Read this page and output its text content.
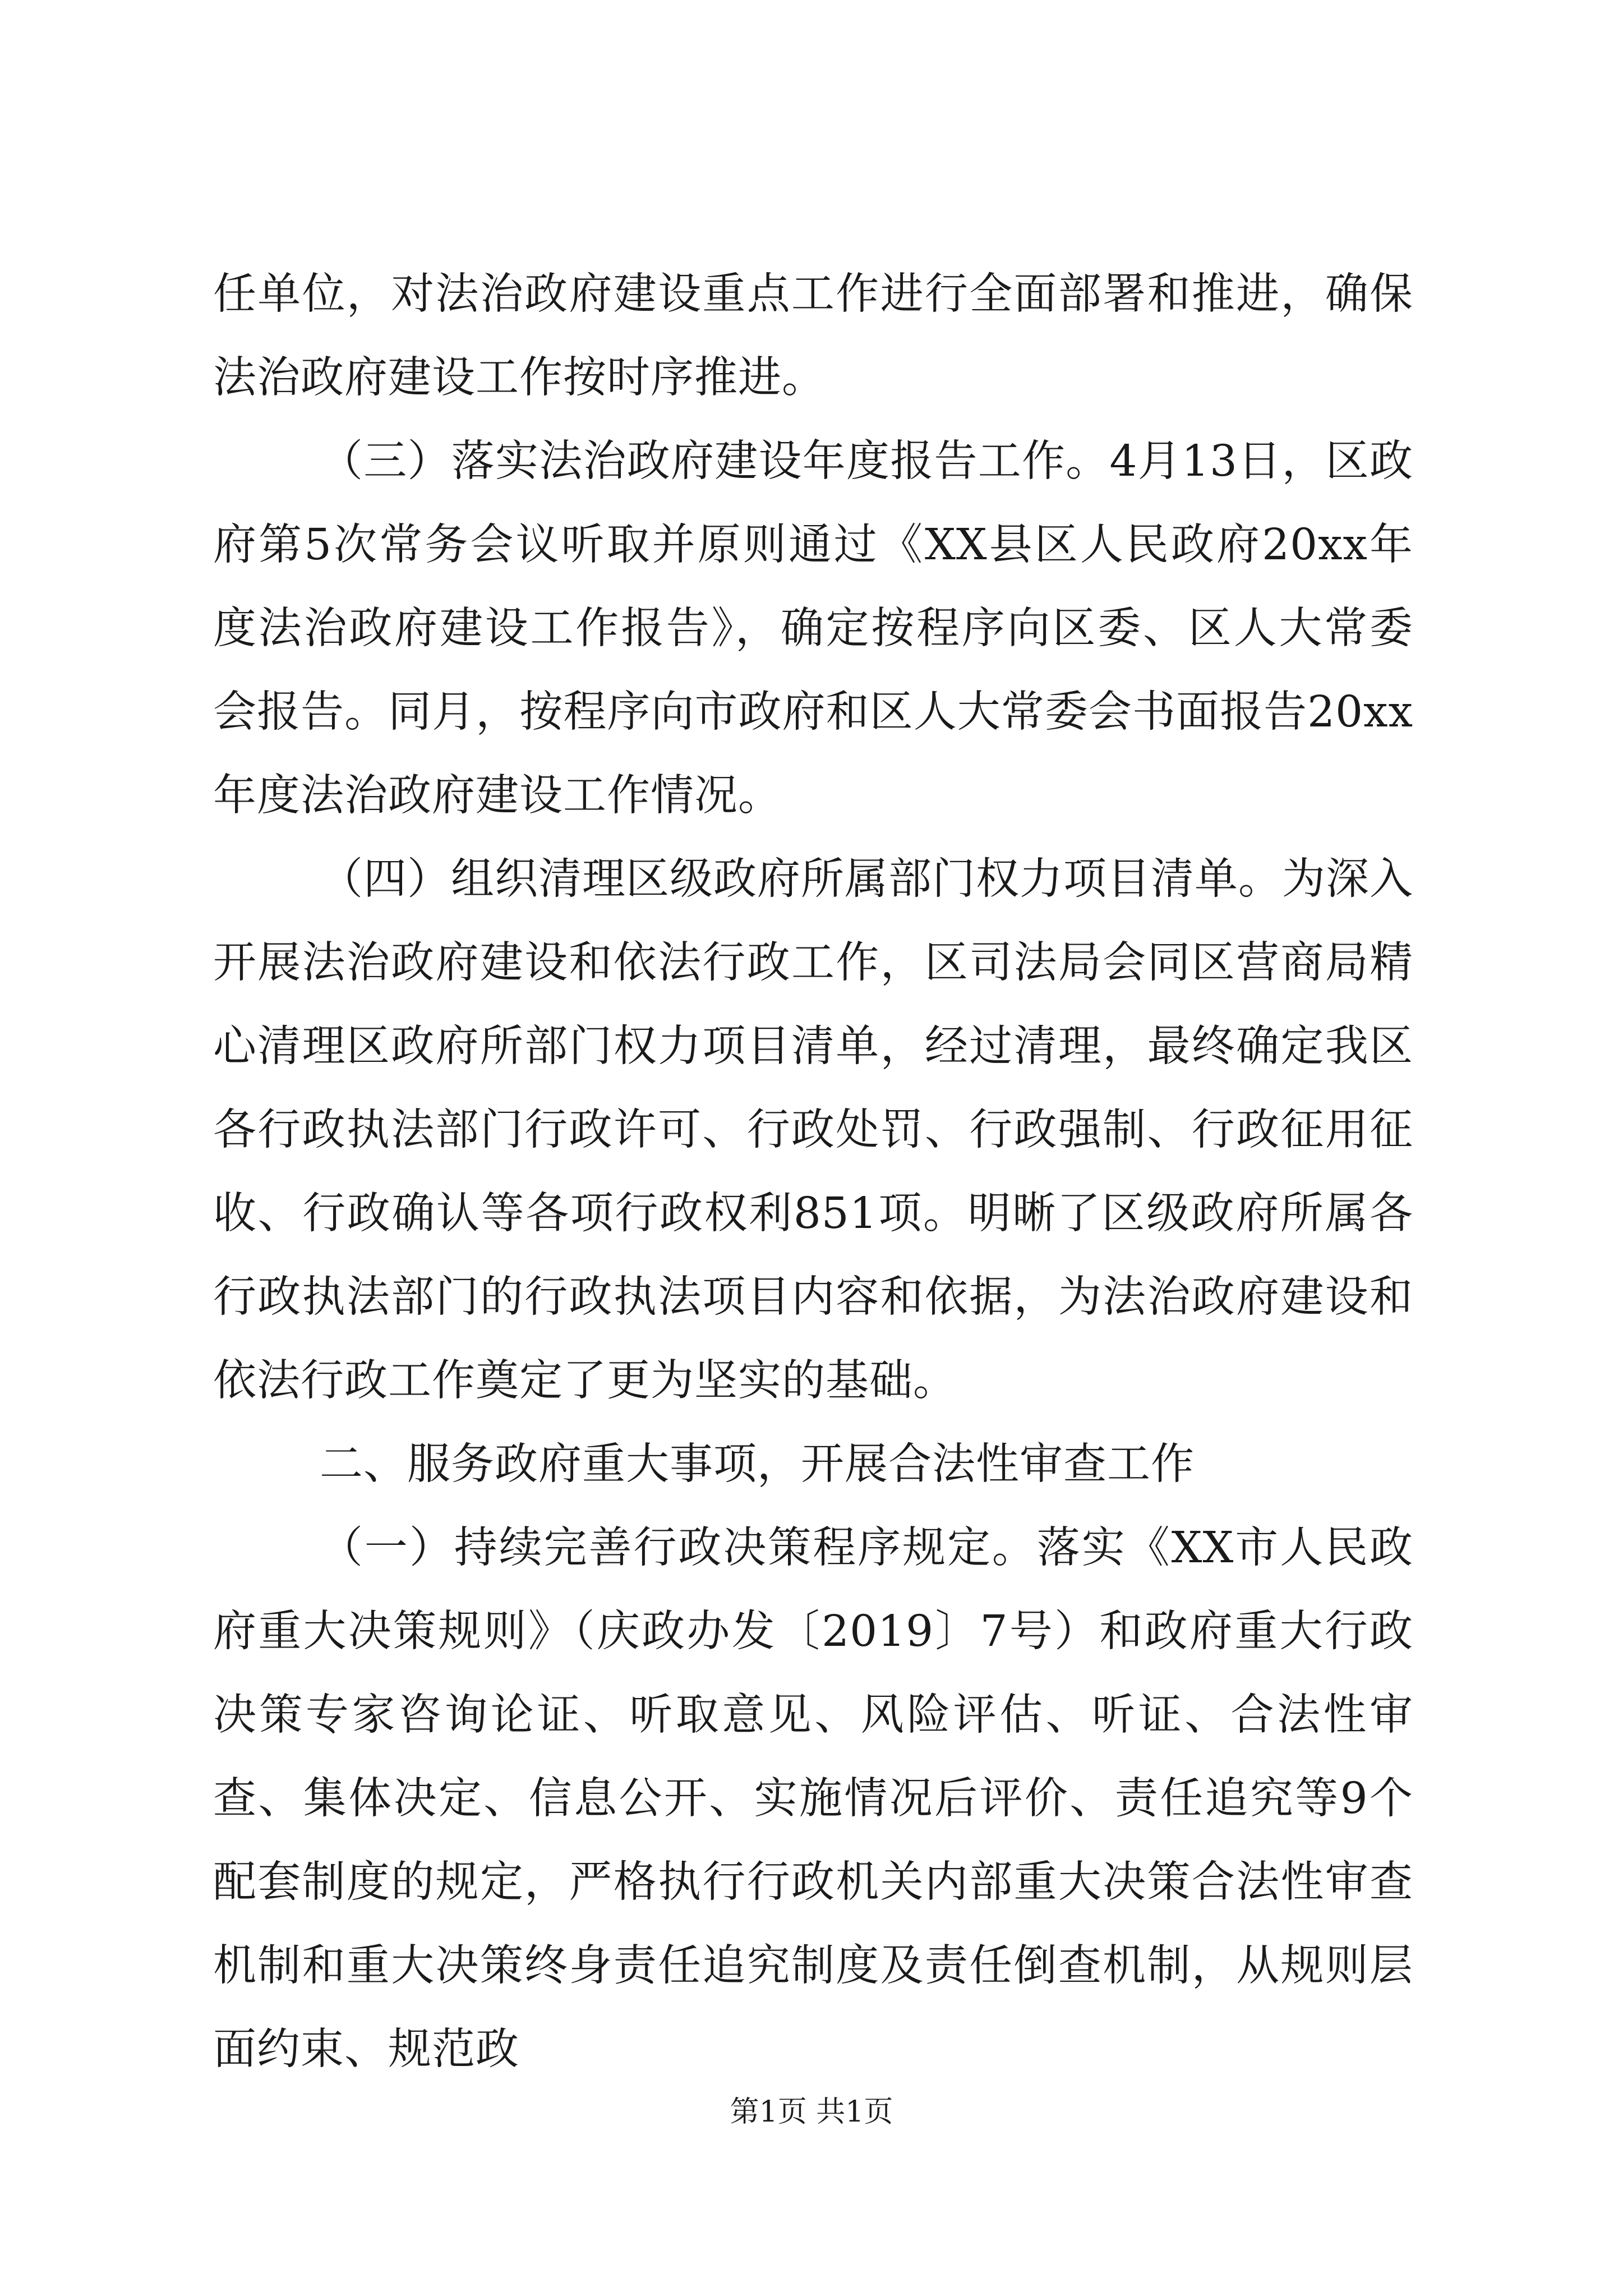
任单位，对法治政府建设重点工作进行全面部署和推进，确保法治政府建设工作按时序推进。

（三）落实法治政府建设年度报告工作。4月13日，区政府第5次常务会议听取并原则通过《XX县区人民政府20xx年度法治政府建设工作报告》，确定按程序向区委、区人大常委会报告。同月，按程序向市政府和区人大常委会书面报告20xx年度法治政府建设工作情况。

（四）组织清理区级政府所属部门权力项目清单。为深入开展法治政府建设和依法行政工作，区司法局会同区营商局精心清理区政府所部门权力项目清单，经过清理，最终确定我区各行政执法部门行政许可、行政处罚、行政强制、行政征用征收、行政确认等各项行政权利851项。明晰了区级政府所属各行政执法部门的行政执法项目内容和依据，为法治政府建设和依法行政工作奠定了更为坚实的基础。

二、服务政府重大事项，开展合法性审查工作

（一）持续完善行政决策程序规定。落实《XX市人民政府重大决策规则》（庆政办发〔2019〕7号）和政府重大行政决策专家咨询论证、听取意见、风险评估、听证、合法性审查、集体决定、信息公开、实施情况后评价、责任追究等9个配套制度的规定，严格执行行政机关内部重大决策合法性审查机制和重大决策终身责任追究制度及责任倒查机制，从规则层面约束、规范政

第1页 共1页
